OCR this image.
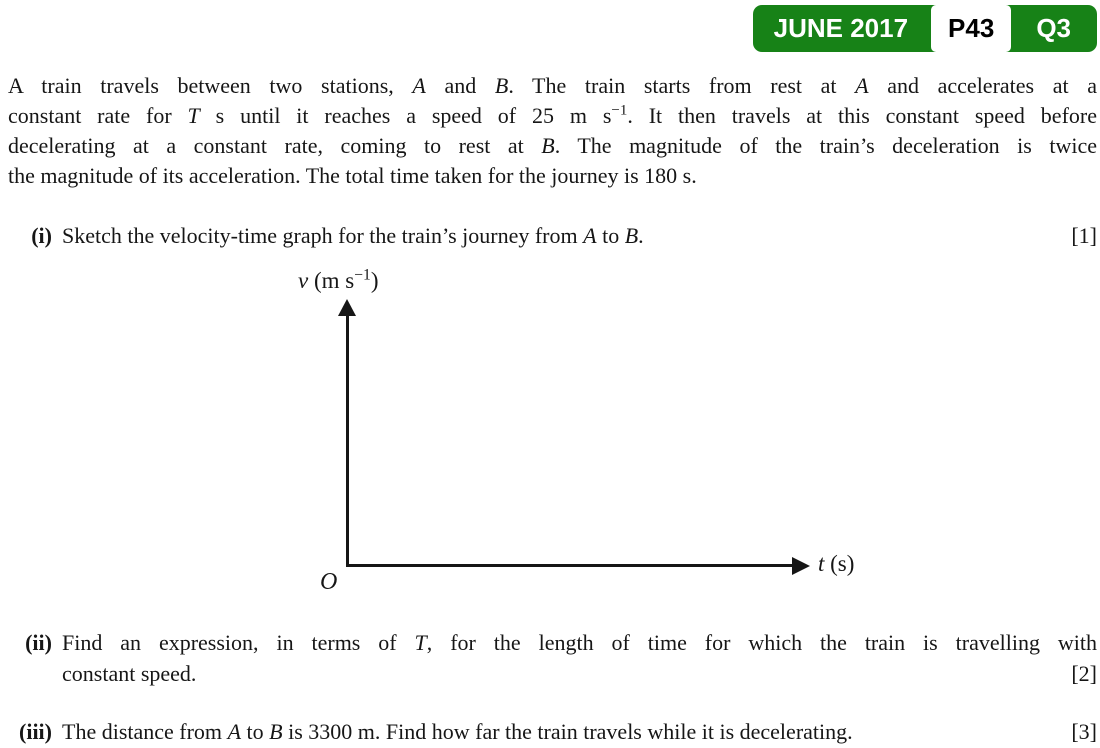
JUNE 2017	P43	Q3
A train travels between two stations, A and B. The train starts from rest at A and accelerates at a
constant rate for T s until it reaches a speed of 25 m $s^{-1}$. It then travels at this constant speed before
decelerating at a constant rate, coming to rest at B. The magnitude of the train’s deceleration is twice
the magnitude of its acceleration. The total time taken for the journey is 180 s.
(i) Sketch the velocity-time graph for the train’s journey from A to B.	[1]
v (m $s^{-1}$)
O
t (s)
(ii) Find an expression, in terms of T, for the length of time for which the train is travelling with
constant speed.	[2]
(iii) The distance from A to B is 3300 m. Find how far the train travels while it is decelerating.	[3]
